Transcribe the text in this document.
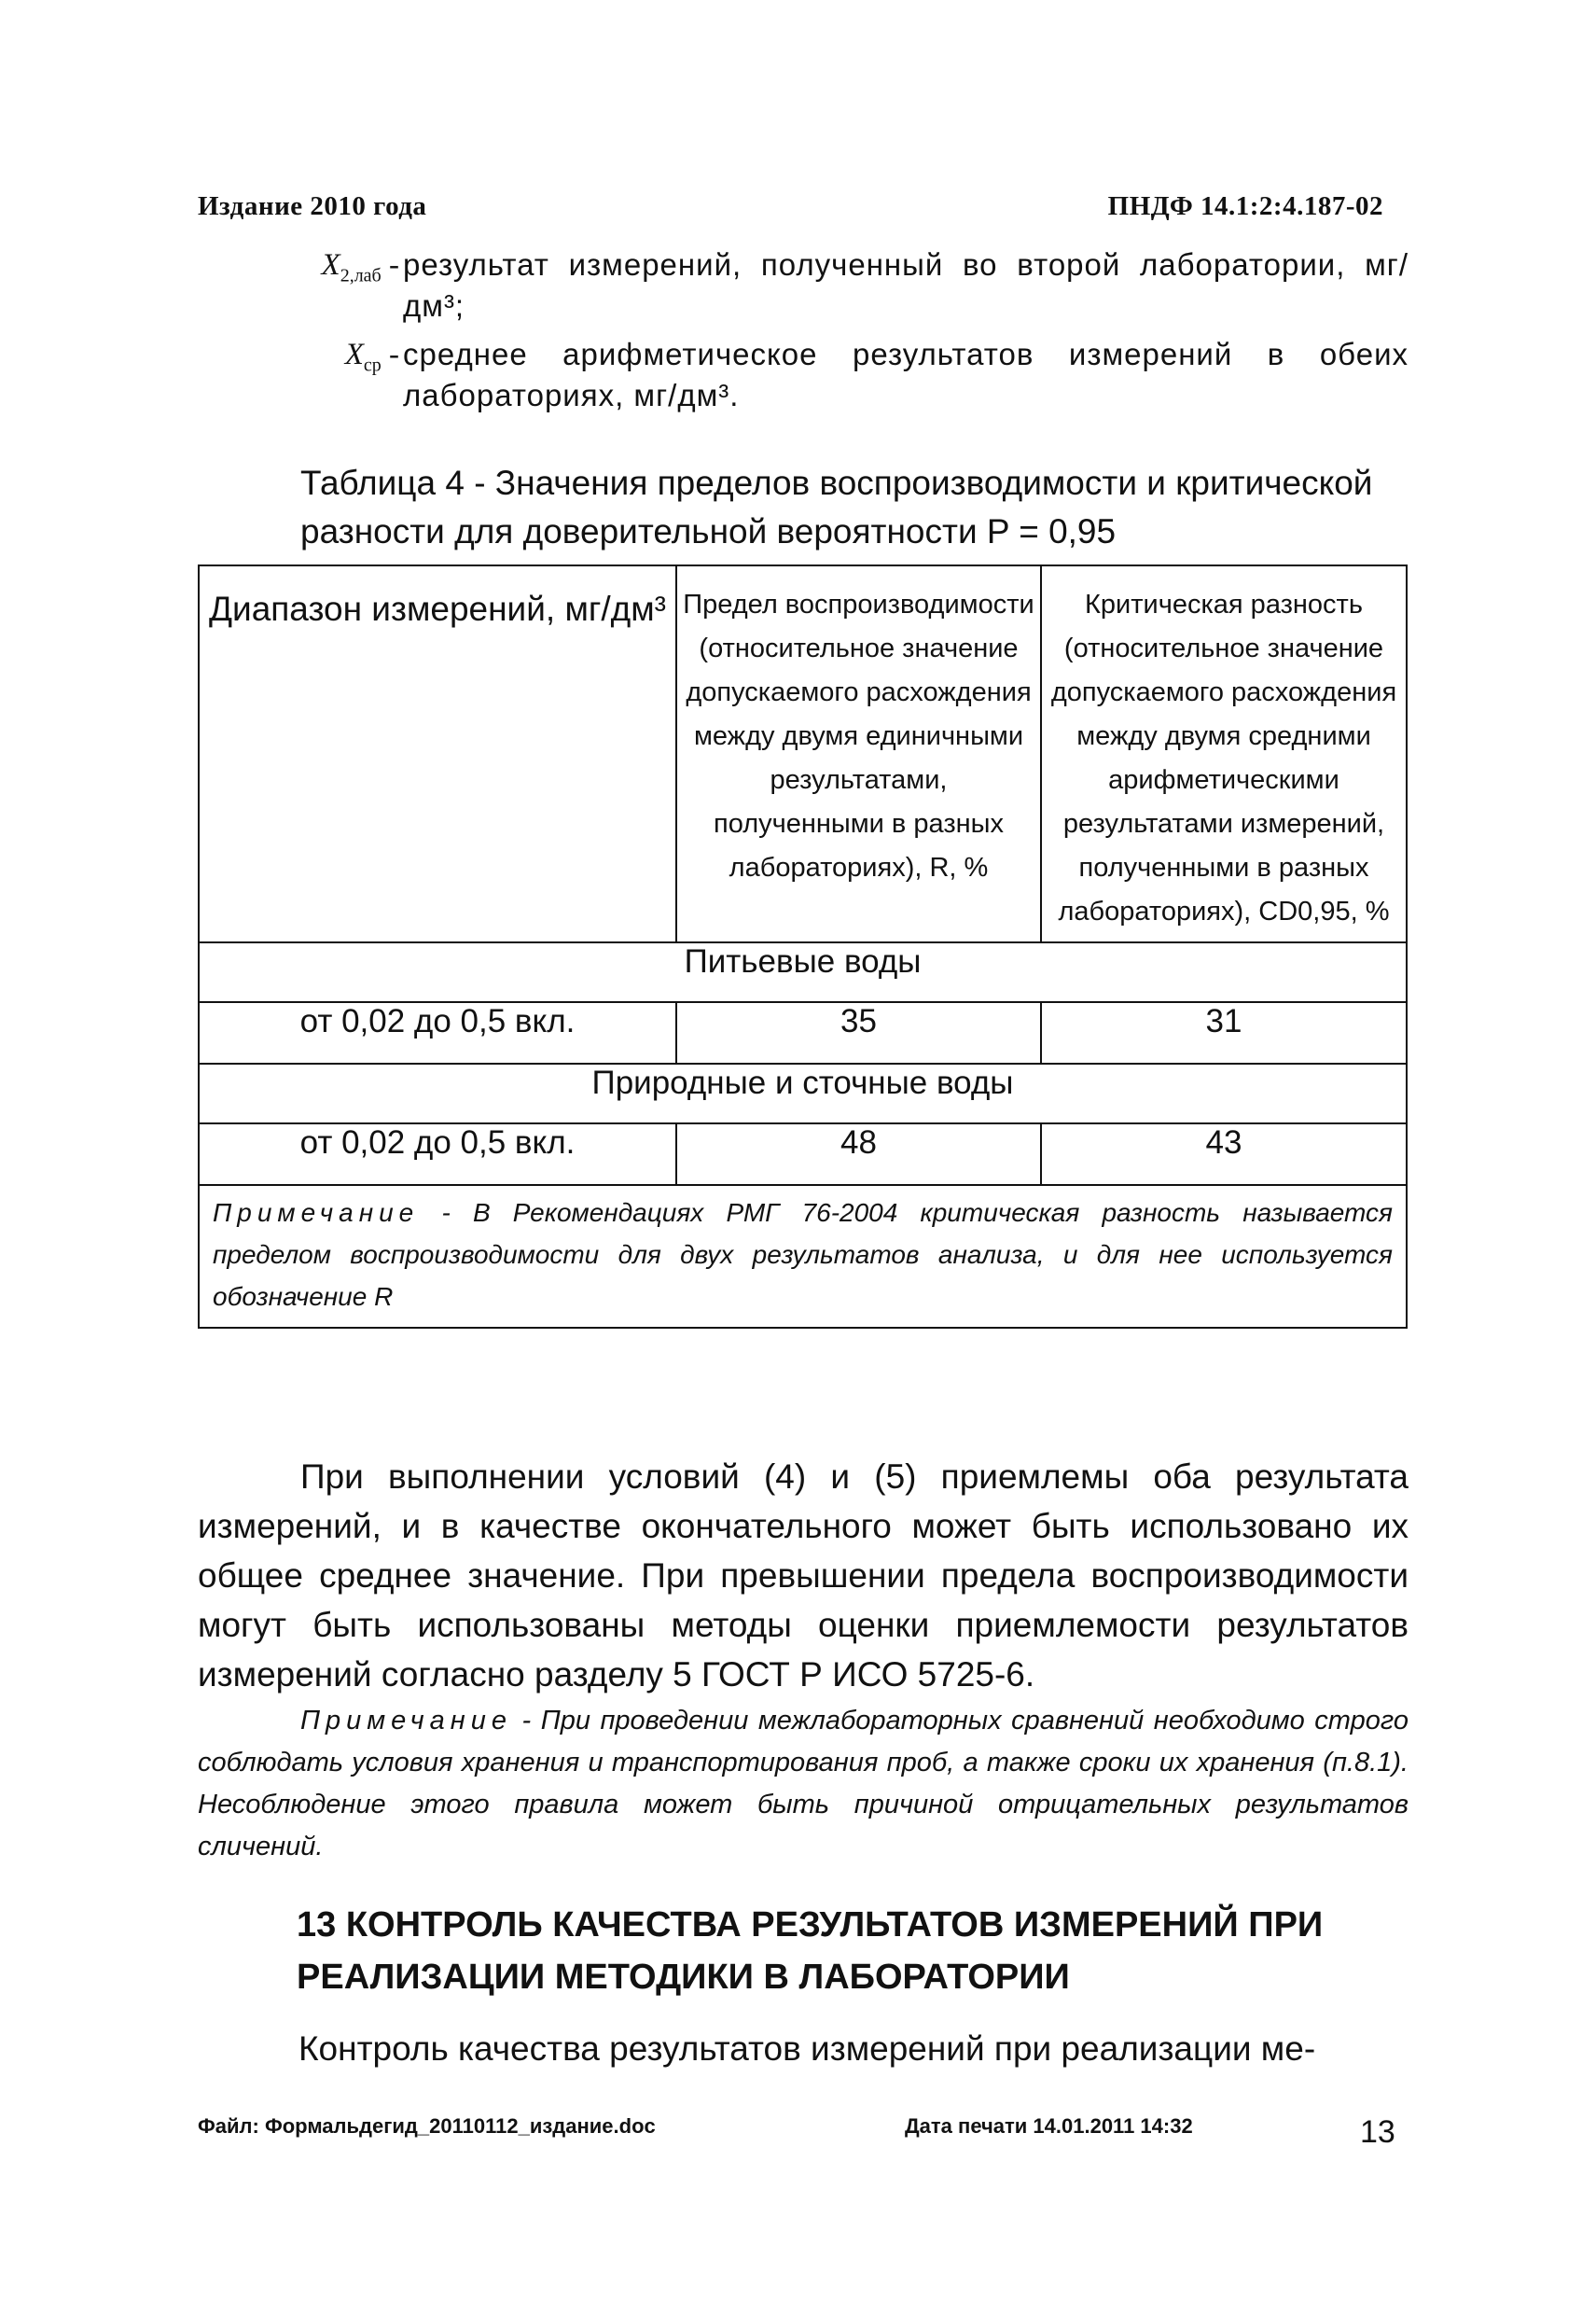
Издание 2010 года	ПНДФ 14.1:2:4.187-02
$X_{2,лаб}$ - результат измерений, полученный во второй лаборатории, мг/дм³;
$X_{ср}$ - среднее арифметическое результатов измерений в обеих лабораториях, мг/дм³.
Таблица 4 - Значения пределов воспроизводимости и критической разности для доверительной вероятности P = 0,95
Диапазон измерений, мг/дм³	Предел воспроизводимости (относительное значение допускаемого расхождения между двумя единичными результатами, полученными в разных лабораториях), R, %	Критическая разность (относительное значение допускаемого расхождения между двумя средними арифметическими результатами измерений, полученными в разных лабораториях), CD0,95, %
Питьевые воды		
от 0,02 до 0,5 вкл.	35	31
Природные и сточные воды		
от 0,02 до 0,5 вкл.	48	43
Примечание - В Рекомендациях РМГ 76-2004 критическая разность называется пределом воспроизводимости для двух результатов анализа, и для нее используется обозначение R		
При выполнении условий (4) и (5) приемлемы оба результата измерений, и в качестве окончательного может быть использовано их общее среднее значение. При превышении предела воспроизводимости могут быть использованы методы оценки приемлемости результатов измерений согласно разделу 5 ГОСТ Р ИСО 5725-6.
Примечание - При проведении межлабораторных сравнений необходимо строго соблюдать условия хранения и транспортирования проб, а также сроки их хранения (п.8.1). Несоблюдение этого правила может быть причиной отрицательных результатов сличений.
13 КОНТРОЛЬ КАЧЕСТВА РЕЗУЛЬТАТОВ ИЗМЕРЕНИЙ ПРИ РЕАЛИЗАЦИИ МЕТОДИКИ В ЛАБОРАТОРИИ
Контроль качества результатов измерений при реализации ме-
Файл: Формальдегид_20110112_издание.doc	Дата печати 14.01.2011 14:32	13
